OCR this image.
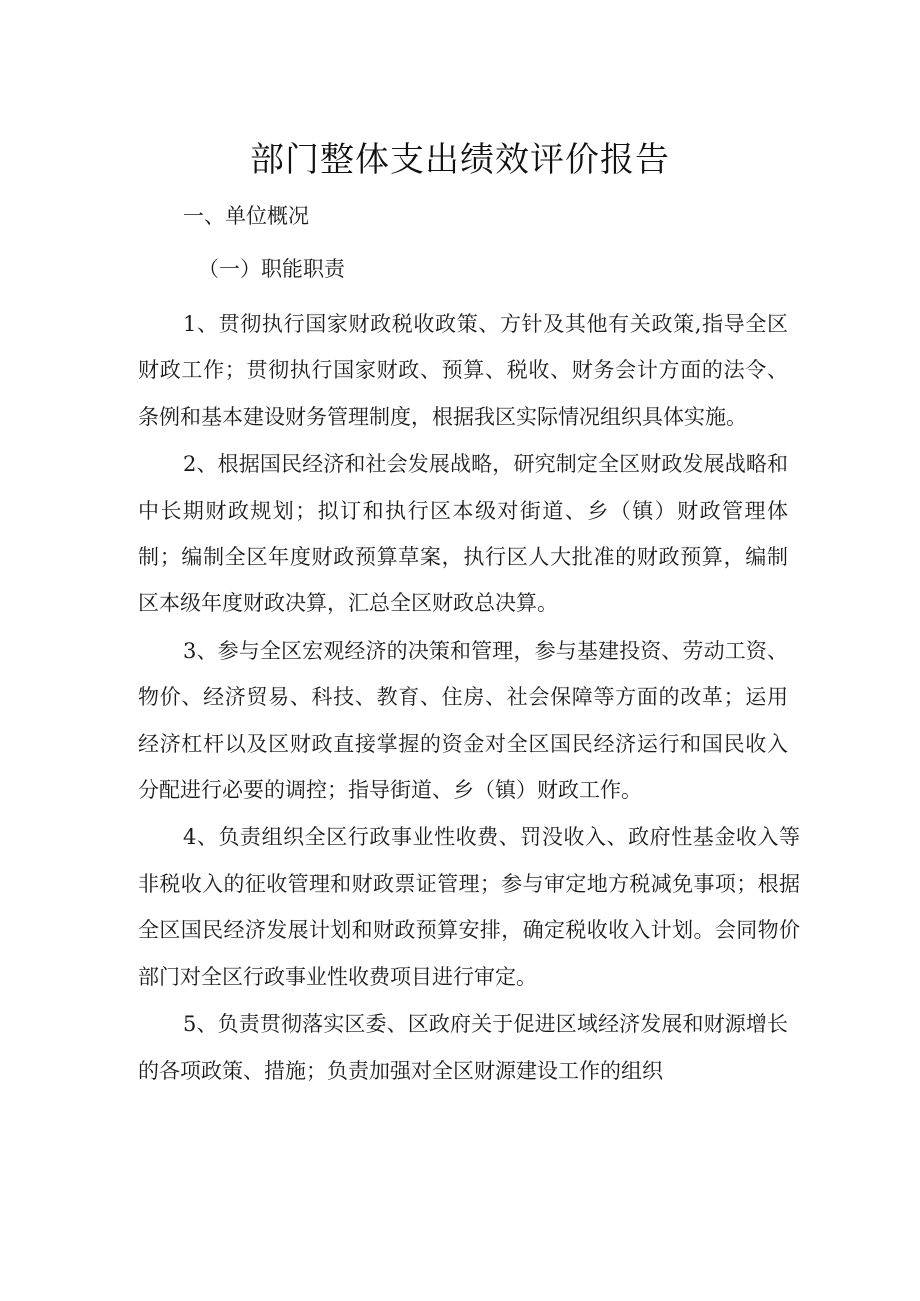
部门整体支出绩效评价报告

一、单位概况

（一）职能职责

1、贯彻执行国家财政税收政策、方针及其他有关政策,指导全区财政工作；贯彻执行国家财政、预算、税收、财务会计方面的法令、条例和基本建设财务管理制度，根据我区实际情况组织具体实施。

2、根据国民经济和社会发展战略，研究制定全区财政发展战略和中长期财政规划；拟订和执行区本级对街道、乡（镇）财政管理体制；编制全区年度财政预算草案，执行区人大批准的财政预算，编制区本级年度财政决算，汇总全区财政总决算。

3、参与全区宏观经济的决策和管理，参与基建投资、劳动工资、物价、经济贸易、科技、教育、住房、社会保障等方面的改革；运用经济杠杆以及区财政直接掌握的资金对全区国民经济运行和国民收入分配进行必要的调控；指导街道、乡（镇）财政工作。

4、负责组织全区行政事业性收费、罚没收入、政府性基金收入等非税收入的征收管理和财政票证管理；参与审定地方税减免事项；根据全区国民经济发展计划和财政预算安排，确定税收收入计划。会同物价部门对全区行政事业性收费项目进行审定。

5、负责贯彻落实区委、区政府关于促进区域经济发展和财源增长的各项政策、措施；负责加强对全区财源建设工作的组织
